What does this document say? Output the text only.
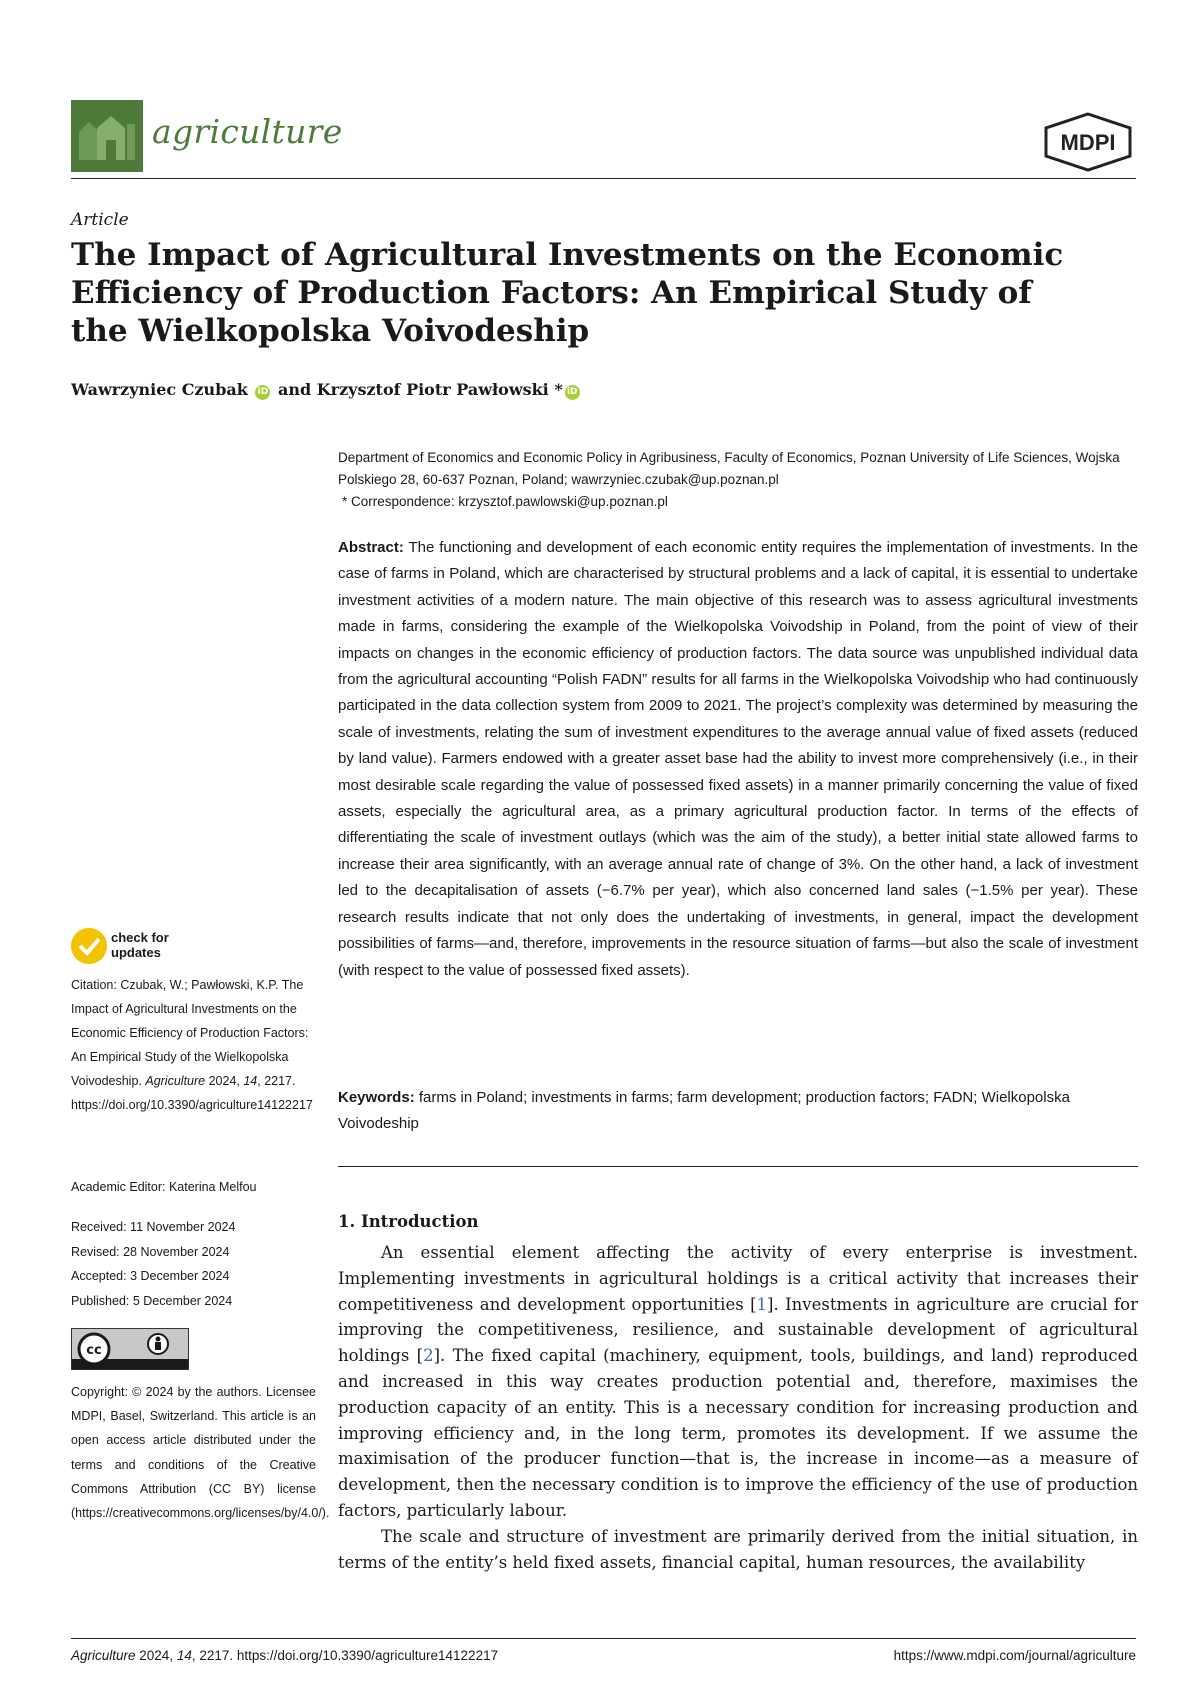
agriculture	MDPI
Article
The Impact of Agricultural Investments on the Economic Efficiency of Production Factors: An Empirical Study of the Wielkopolska Voivodeship
Wawrzyniec Czubak iD and Krzysztof Piotr Pawłowski * iD
Department of Economics and Economic Policy in Agribusiness, Faculty of Economics, Poznan University of Life Sciences, Wojska Polskiego 28, 60-637 Poznan, Poland; wawrzyniec.czubak@up.poznan.pl
* Correspondence: krzysztof.pawlowski@up.poznan.pl
Abstract: The functioning and development of each economic entity requires the implementation of investments. In the case of farms in Poland, which are characterised by structural problems and a lack of capital, it is essential to undertake investment activities of a modern nature. The main objective of this research was to assess agricultural investments made in farms, considering the example of the Wielkopolska Voivodship in Poland, from the point of view of their impacts on changes in the economic efficiency of production factors. The data source was unpublished individual data from the agricultural accounting “Polish FADN” results for all farms in the Wielkopolska Voivodship who had continuously participated in the data collection system from 2009 to 2021. The project’s complexity was determined by measuring the scale of investments, relating the sum of investment expenditures to the average annual value of fixed assets (reduced by land value). Farmers endowed with a greater asset base had the ability to invest more comprehensively (i.e., in their most desirable scale regarding the value of possessed fixed assets) in a manner primarily concerning the value of fixed assets, especially the agricultural area, as a primary agricultural production factor. In terms of the effects of differentiating the scale of investment outlays (which was the aim of the study), a better initial state allowed farms to increase their area significantly, with an average annual rate of change of 3%. On the other hand, a lack of investment led to the decapitalisation of assets (−6.7% per year), which also concerned land sales (−1.5% per year). These research results indicate that not only does the undertaking of investments, in general, impact the development possibilities of farms—and, therefore, improvements in the resource situation of farms—but also the scale of investment (with respect to the value of possessed fixed assets).
Keywords: farms in Poland; investments in farms; farm development; production factors; FADN; Wielkopolska Voivodeship
1. Introduction

An essential element affecting the activity of every enterprise is investment. Implementing investments in agricultural holdings is a critical activity that increases their competitiveness and development opportunities [1]. Investments in agriculture are crucial for improving the competitiveness, resilience, and sustainable development of agricultural holdings [2]. The fixed capital (machinery, equipment, tools, buildings, and land) reproduced and increased in this way creates production potential and, therefore, maximises the production capacity of an entity. This is a necessary condition for increasing production and improving efficiency and, in the long term, promotes its development. If we assume the maximisation of the producer function—that is, the increase in income—as a measure of development, then the necessary condition is to improve the efficiency of the use of production factors, particularly labour.

The scale and structure of investment are primarily derived from the initial situation, in terms of the entity’s held fixed assets, financial capital, human resources, the availability

check for
updates
Citation: Czubak, W.; Pawłowski, K.P. The Impact of Agricultural Investments on the Economic Efficiency of Production Factors: An Empirical Study of the Wielkopolska Voivodeship. Agriculture 2024, 14, 2217. https://doi.org/10.3390/agriculture14122217
Academic Editor: Katerina Melfou
Received: 11 November 2024
Revised: 28 November 2024
Accepted: 3 December 2024
Published: 5 December 2024
cc
Copyright: © 2024 by the authors. Licensee MDPI, Basel, Switzerland. This article is an open access article distributed under the terms and conditions of the Creative Commons Attribution (CC BY) license (https://creativecommons.org/licenses/by/4.0/).
Agriculture 2024, 14, 2217. https://doi.org/10.3390/agriculture14122217	https://www.mdpi.com/journal/agriculture
